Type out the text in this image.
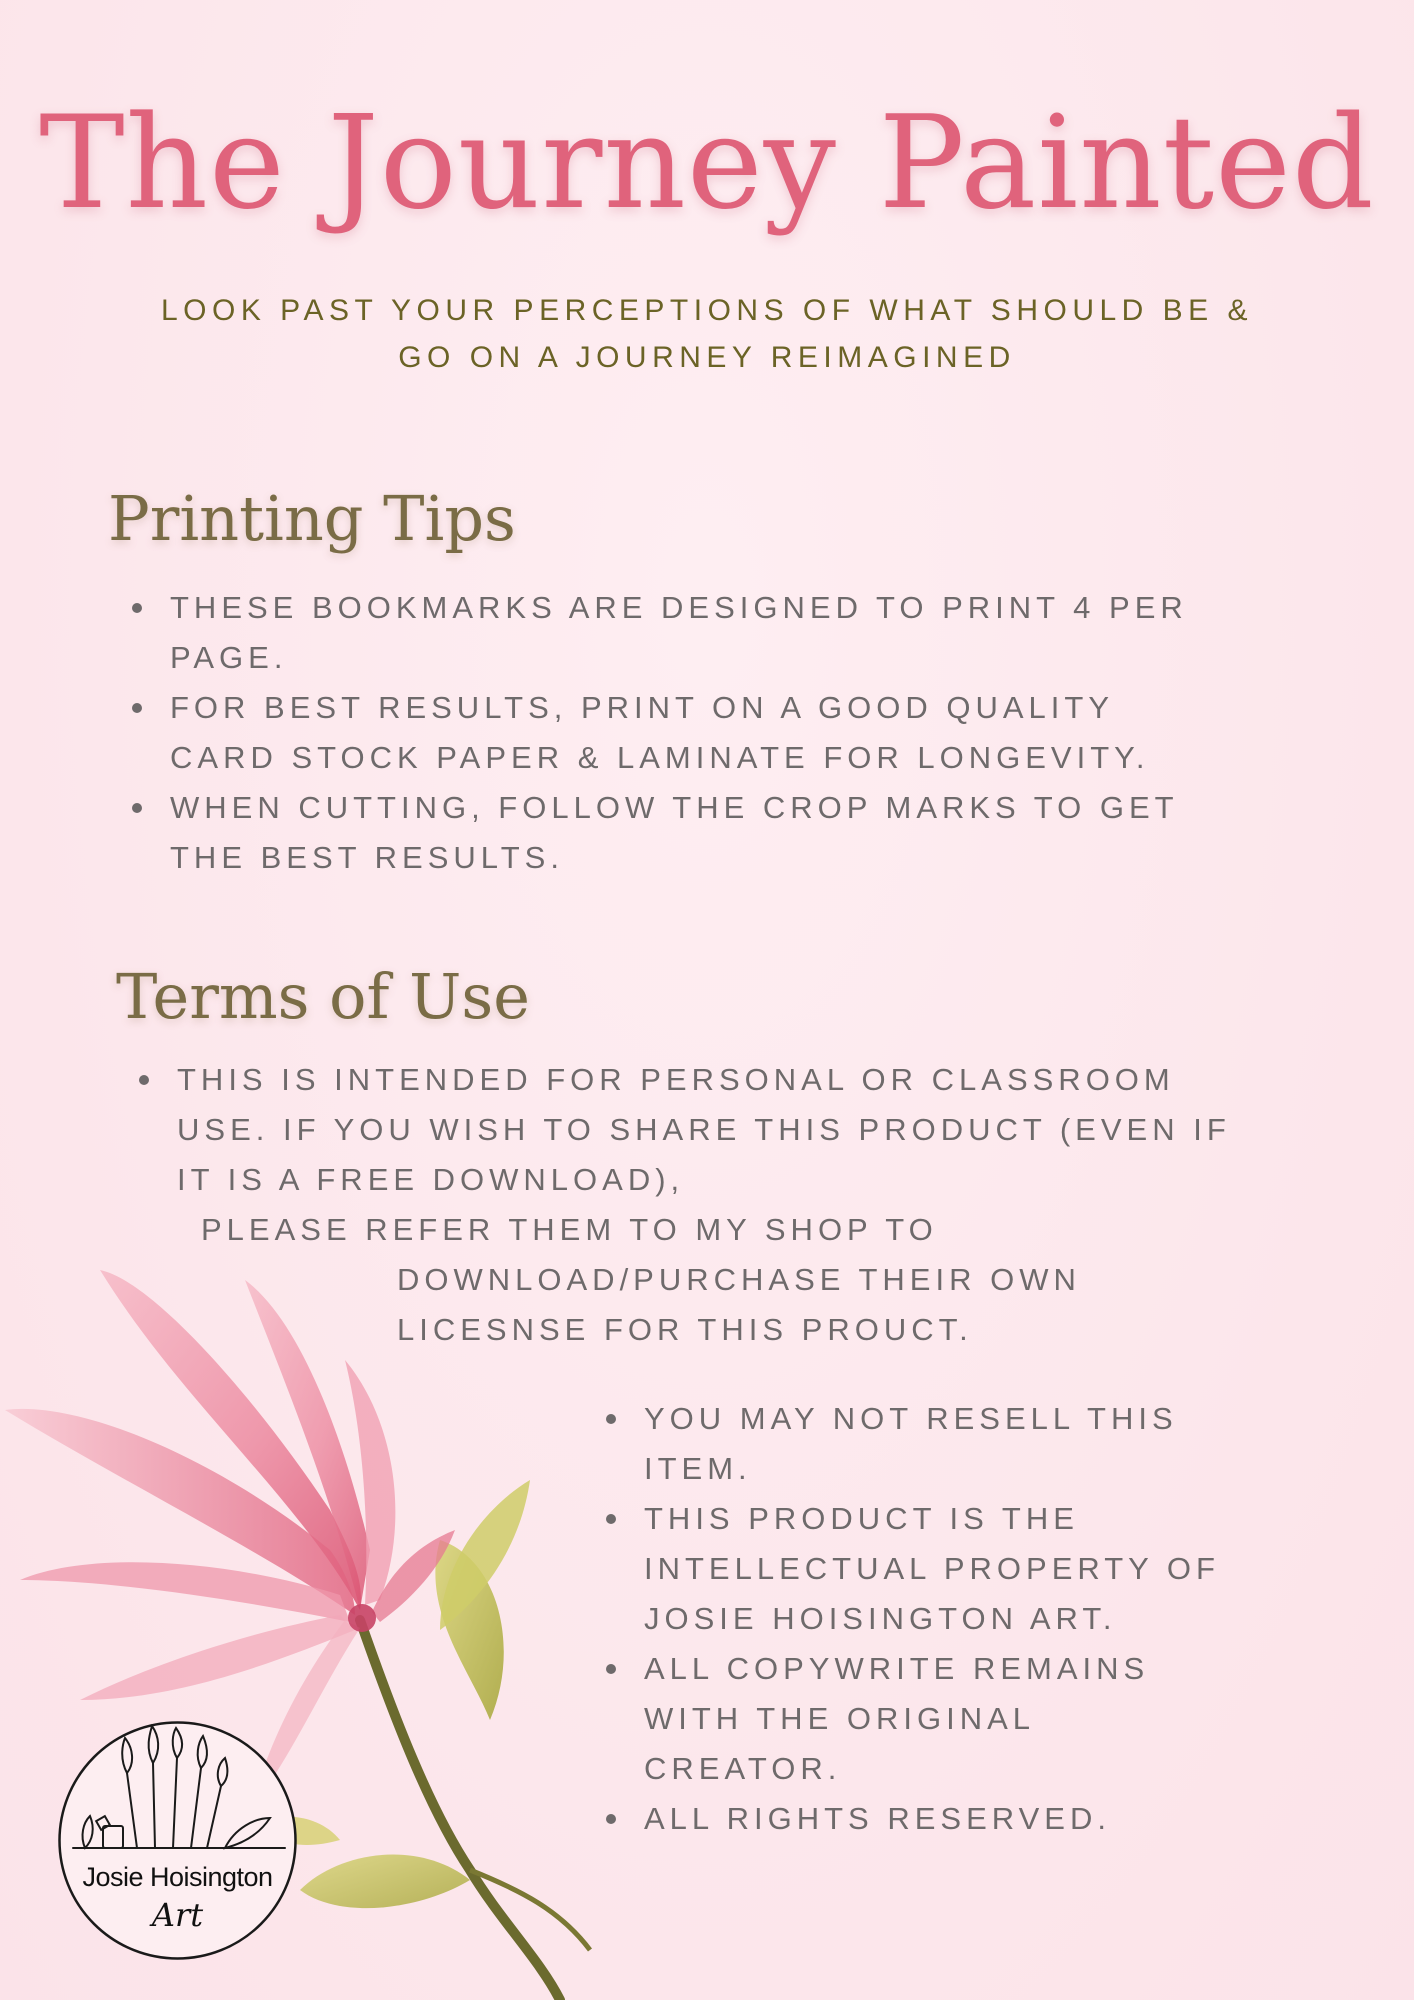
The Journey Painted
LOOK PAST YOUR PERCEPTIONS OF WHAT SHOULD BE &
GO ON A JOURNEY REIMAGINED
Printing Tips
THESE BOOKMARKS ARE DESIGNED TO PRINT 4 PER
PAGE.
FOR BEST RESULTS, PRINT ON A GOOD QUALITY
CARD STOCK PAPER & LAMINATE FOR LONGEVITY.
WHEN CUTTING, FOLLOW THE CROP MARKS TO GET
THE BEST RESULTS.
Terms of Use
THIS IS INTENDED FOR PERSONAL OR CLASSROOM
USE. IF YOU WISH TO SHARE THIS PRODUCT (EVEN IF
IT IS A FREE DOWNLOAD),
PLEASE REFER THEM TO MY SHOP TO
DOWNLOAD/PURCHASE THEIR OWN
LICESNSE FOR THIS PROUCT.
YOU MAY NOT RESELL THIS
ITEM.
THIS PRODUCT IS THE
INTELLECTUAL PROPERTY OF
JOSIE HOISINGTON ART.
ALL COPYWRITE REMAINS
WITH THE ORIGINAL
CREATOR.
ALL RIGHTS RESERVED.
Josie Hoisington
Art
